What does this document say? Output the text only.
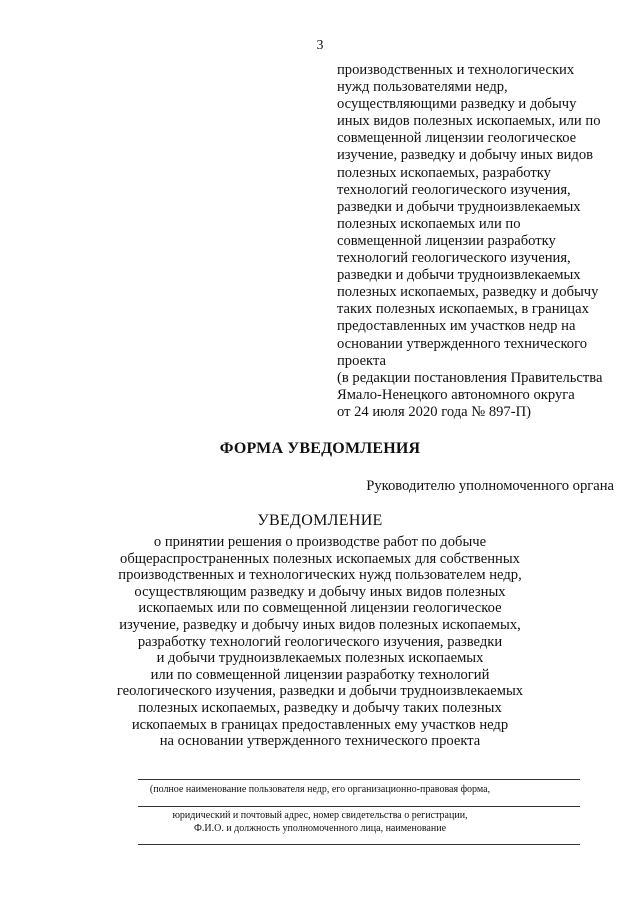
3
производственных и технологических
нужд пользователями недр,
осуществляющими разведку и добычу
иных видов полезных ископаемых, или по
совмещенной лицензии геологическое
изучение, разведку и добычу иных видов
полезных ископаемых, разработку
технологий геологического изучения,
разведки и добычи трудноизвлекаемых
полезных ископаемых или по
совмещенной лицензии разработку
технологий геологического изучения,
разведки и добычи трудноизвлекаемых
полезных ископаемых, разведку и добычу
таких полезных ископаемых, в границах
предоставленных им участков недр на
основании утвержденного технического
проекта
(в редакции постановления Правительства
Ямало-Ненецкого автономного округа
от 24 июля 2020 года № 897-П)
ФОРМА УВЕДОМЛЕНИЯ
Руководителю уполномоченного органа
УВЕДОМЛЕНИЕ
о принятии решения о производстве работ по добыче
общераспространенных полезных ископаемых для собственных
производственных и технологических нужд пользователем недр,
осуществляющим разведку и добычу иных видов полезных
ископаемых или по совмещенной лицензии геологическое
изучение, разведку и добычу иных видов полезных ископаемых,
разработку технологий геологического изучения, разведки
и добычи трудноизвлекаемых полезных ископаемых
или по совмещенной лицензии разработку технологий
геологического изучения, разведки и добычи трудноизвлекаемых
полезных ископаемых, разведку и добычу таких полезных
ископаемых в границах предоставленных ему участков недр
на основании утвержденного технического проекта
(полное наименование пользователя недр, его организационно-правовая форма,
юридический и почтовый адрес, номер свидетельства о регистрации,
Ф.И.О. и должность уполномоченного лица, наименование
